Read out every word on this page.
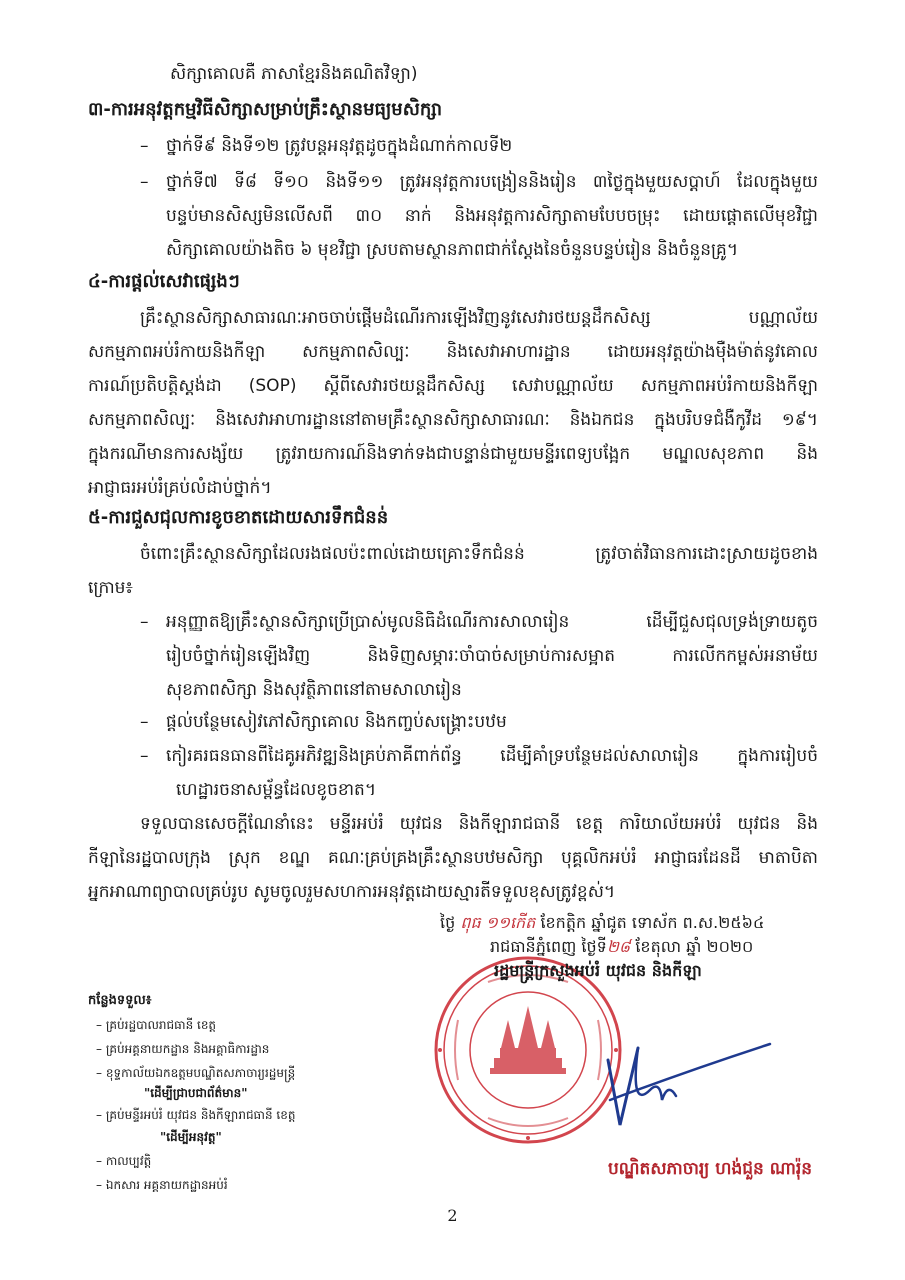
សិក្សាគោលគឺ ភាសាខ្មែរនិងគណិតវិទ្យា)
៣-ការអនុវត្តកម្មវិធីសិក្សាសម្រាប់គ្រឹះស្ថានមធ្យមសិក្សា
– ថ្នាក់ទី៩ និងទី១២ ត្រូវបន្តអនុវត្តដូចក្នុងដំណាក់កាលទី២
– ថ្នាក់ទី៧ ទី៨ ទី១០ និងទី១១ ត្រូវអនុវត្តការបង្រៀននិងរៀន ៣ថ្ងៃក្នុងមួយសប្តាហ៍ ដែលក្នុងមួយ
បន្ទប់មានសិស្សមិនលើសពី ៣០ នាក់ និងអនុវត្តការសិក្សាតាមបែបចម្រុះ ដោយផ្តោតលើមុខវិជ្ជា
សិក្សាគោលយ៉ាងតិច ៦ មុខវិជ្ជា ស្របតាមស្ថានភាពជាក់ស្តែងនៃចំនួនបន្ទប់រៀន និងចំនួនគ្រូ។
៤-ការផ្តល់សេវាផ្សេងៗ
គ្រឹះស្ថានសិក្សាសាធារណៈអាចចាប់ផ្តើមដំណើរការឡើងវិញនូវសេវារថយន្តដឹកសិស្ស បណ្ណាល័យ
សកម្មភាពអប់រំកាយនិងកីឡា សកម្មភាពសិល្បៈ និងសេវាអាហារដ្ឋាន ដោយអនុវត្តយ៉ាងម៉ឺងម៉ាត់នូវគោល
ការណ៍ប្រតិបត្តិស្តង់ដា (SOP) ស្តីពីសេវារថយន្តដឹកសិស្ស សេវាបណ្ណាល័យ សកម្មភាពអប់រំកាយនិងកីឡា
សកម្មភាពសិល្បៈ និងសេវាអាហារដ្ឋាននៅតាមគ្រឹះស្ថានសិក្សាសាធារណៈ និងឯកជន ក្នុងបរិបទជំងឺកូវីដ ១៩។
ក្នុងករណីមានការសង្ស័យ ត្រូវរាយការណ៍និងទាក់ទងជាបន្ទាន់ជាមួយមន្ទីរពេទ្យបង្អែក មណ្ឌលសុខភាព និង
អាជ្ញាធរអប់រំគ្រប់លំដាប់ថ្នាក់។
៥-ការជួសជុលការខូចខាតដោយសារទឹកជំនន់
ចំពោះគ្រឹះស្ថានសិក្សាដែលរងផលប៉ះពាល់ដោយគ្រោះទឹកជំនន់ ត្រូវចាត់វិធានការដោះស្រាយដូចខាង
ក្រោម៖
– អនុញ្ញាតឱ្យគ្រឹះស្ថានសិក្សាប្រើប្រាស់មូលនិធិដំណើរការសាលារៀន ដើម្បីជួសជុលទ្រង់ទ្រាយតូច
រៀបចំថ្នាក់រៀនឡើងវិញ និងទិញសម្ភារៈចាំបាច់សម្រាប់ការសម្អាត ការលើកកម្ពស់អនាម័យ
សុខភាពសិក្សា និងសុវត្ថិភាពនៅតាមសាលារៀន
– ផ្តល់បន្ថែមសៀវភៅសិក្សាគោល និងកញ្ចប់សង្គ្រោះបឋម
– កៀរគរធនធានពីដៃគូអភិវឌ្ឍនិងគ្រប់ភាគីពាក់ព័ន្ធ ដើម្បីគាំទ្របន្ថែមដល់សាលារៀន ក្នុងការរៀបចំ
ហេដ្ឋារចនាសម្ព័ន្ធដែលខូចខាត។
ទទួលបានសេចក្តីណែនាំនេះ មន្ទីរអប់រំ យុវជន និងកីឡារាជធានី ខេត្ត ការិយាល័យអប់រំ យុវជន និង
កីឡានៃរដ្ឋបាលក្រុង ស្រុក ខណ្ឌ គណៈគ្រប់គ្រងគ្រឹះស្ថានបឋមសិក្សា បុគ្គលិកអប់រំ អាជ្ញាធរដែនដី មាតាបិតា
អ្នកអាណាព្យាបាលគ្រប់រូប សូមចូលរួមសហការអនុវត្តដោយស្មារតីទទួលខុសត្រូវខ្ពស់។
ថ្ងៃ ពុធ ១១កើត ខែកត្តិក ឆ្នាំជូត ទោស័ក ព.ស.២៥៦៤
រាជធានីភ្នំពេញ ថ្ងៃទី២៨ ខែតុលា ឆ្នាំ ២០២០
រដ្ឋមន្ត្រីក្រសួងអប់រំ យុវជន និងកីឡា
បណ្ឌិតសភាចារ្យ ហង់ជួន ណារ៉ុន
កន្លែងទទួល៖
– គ្រប់រដ្ឋបាលរាជធានី ខេត្ត
– គ្រប់អគ្គនាយកដ្ឋាន និងអគ្គាធិការដ្ឋាន
– ខុទ្ទកាល័យឯកឧត្តមបណ្ឌិតសភាចារ្យរដ្ឋមន្ត្រី
"ដើម្បីជ្រាបជាព័ត៌មាន"
– គ្រប់មន្ទីរអប់រំ យុវជន និងកីឡារាជធានី ខេត្ត
"ដើម្បីអនុវត្ត"
– កាលប្បវត្តិ
– ឯកសារ អគ្គនាយកដ្ឋានអប់រំ
2
